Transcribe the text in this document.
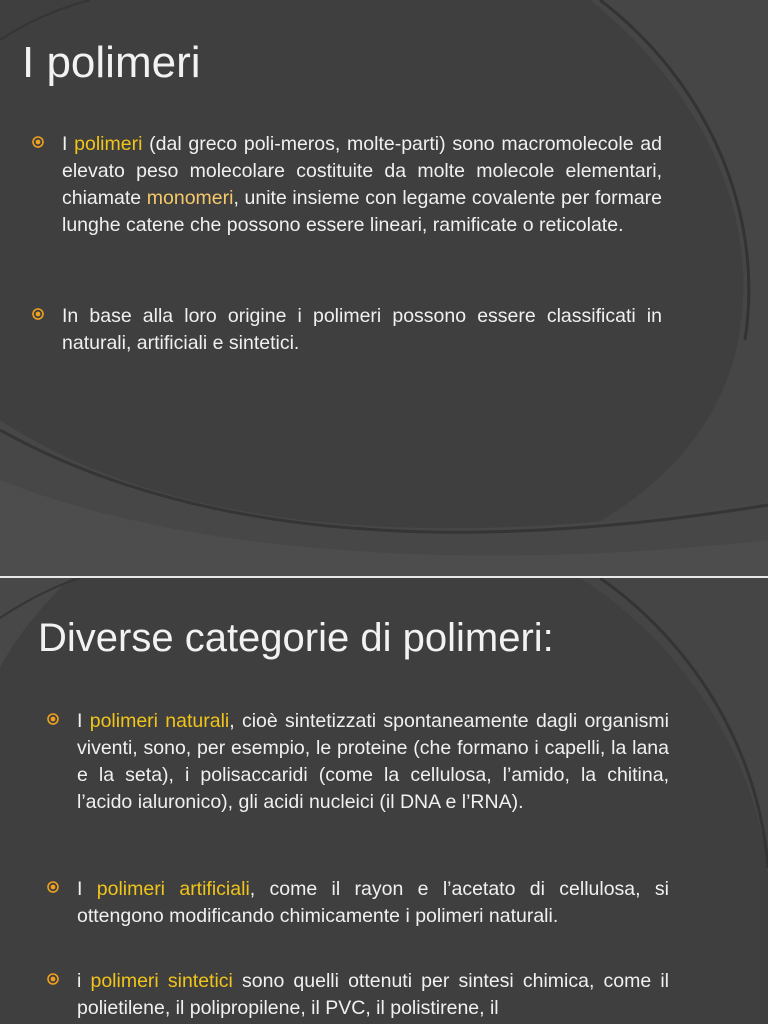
I polimeri
I polimeri (dal greco poli-meros, molte-parti) sono macromolecole ad elevato peso molecolare costituite da molte molecole elementari, chiamate monomeri, unite insieme con legame covalente per formare lunghe catene che possono essere lineari, ramificate o reticolate.
In base alla loro origine i polimeri possono essere classificati in naturali, artificiali e sintetici.
Diverse categorie di polimeri:
I polimeri naturali, cioè sintetizzati spontaneamente dagli organismi viventi, sono, per esempio, le proteine (che formano i capelli, la lana e la seta), i polisaccaridi (come la cellulosa, l’amido, la chitina, l’acido ialuronico), gli acidi nucleici (il DNA e l’RNA).
I polimeri artificiali, come il rayon e l’acetato di cellulosa, si ottengono modificando chimicamente i polimeri naturali.
i polimeri sintetici sono quelli ottenuti per sintesi chimica, come il polietilene, il polipropilene, il PVC, il polistirene, il
